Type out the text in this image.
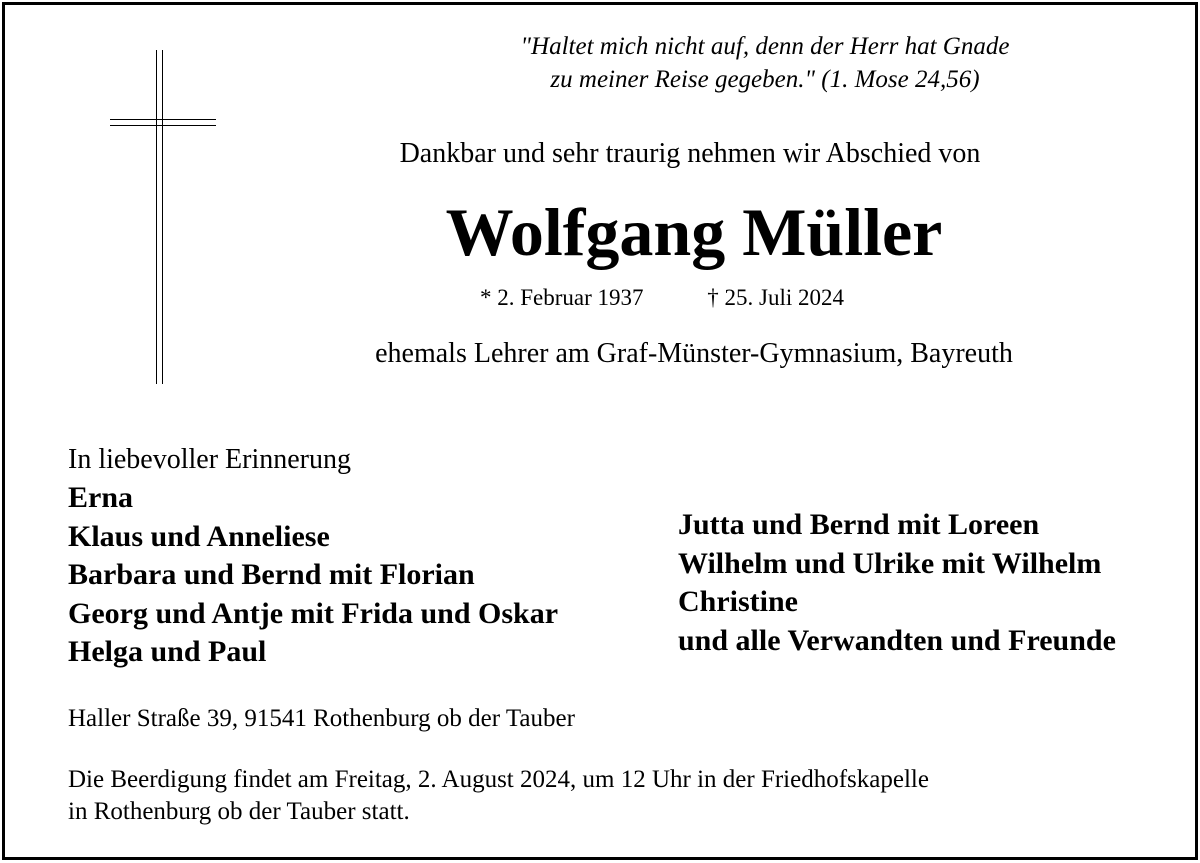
"Haltet mich nicht auf, denn der Herr hat Gnade
zu meiner Reise gegeben." (1. Mose 24,56)
Dankbar und sehr traurig nehmen wir Abschied von
Wolfgang Müller
* 2. Februar 1937	† 25. Juli 2024
ehemals Lehrer am Graf-Münster-Gymnasium, Bayreuth
In liebevoller Erinnerung
Erna
Klaus und Anneliese
Barbara und Bernd mit Florian
Georg und Antje mit Frida und Oskar
Helga und Paul
Jutta und Bernd mit Loreen
Wilhelm und Ulrike mit Wilhelm
Christine
und alle Verwandten und Freunde
Haller Straße 39, 91541 Rothenburg ob der Tauber
Die Beerdigung findet am Freitag, 2. August 2024, um 12 Uhr in der Friedhofskapelle
in Rothenburg ob der Tauber statt.
